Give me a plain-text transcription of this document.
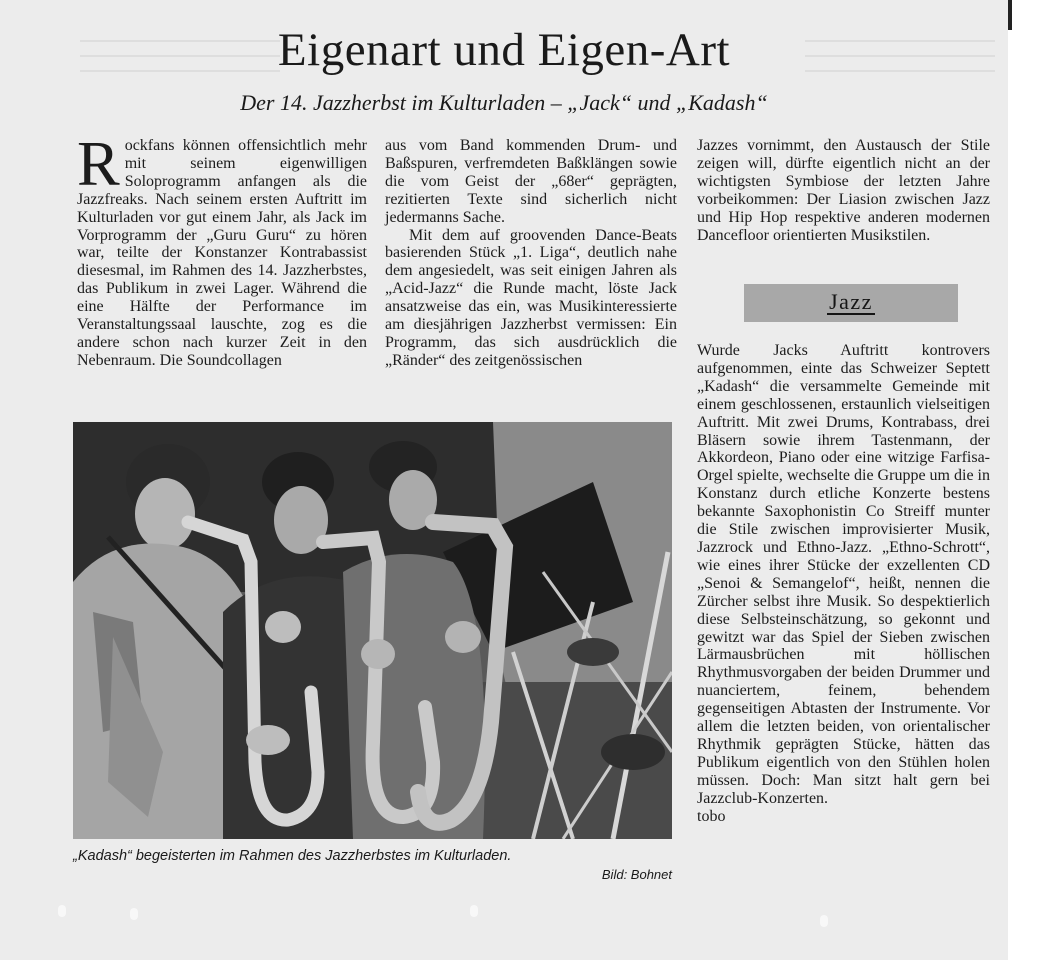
Eigenart und Eigen-Art
Der 14. Jazzherbst im Kulturladen – „Jack“ und „Kadash“

Rockfans können offensichtlich mehr mit seinem eigenwilligen Soloprogramm anfangen als die Jazzfreaks. Nach seinem ersten Auftritt im Kulturladen vor gut einem Jahr, als Jack im Vorprogramm der „Guru Guru“ zu hören war, teilte der Konstanzer Kontrabassist diesesmal, im Rahmen des 14. Jazzherbstes, das Publikum in zwei Lager. Während die eine Hälfte der Performance im Veranstaltungssaal lauschte, zog es die andere schon nach kurzer Zeit in den Nebenraum. Die Soundcollagen

aus vom Band kommenden Drum- und Baßspuren, verfremdeten Baßklängen sowie die vom Geist der „68er“ geprägten, rezitierten Texte sind sicherlich nicht jedermanns Sache.

Mit dem auf groovenden Dance-Beats basierenden Stück „1. Liga“, deutlich nahe dem angesiedelt, was seit einigen Jahren als „Acid-Jazz“ die Runde macht, löste Jack ansatzweise das ein, was Musikinteressierte am diesjährigen Jazzherbst vermissen: Ein Programm, das sich ausdrücklich die „Ränder“ des zeitgenössischen

Jazzes vornimmt, den Austausch der Stile zeigen will, dürfte eigentlich nicht an der wichtigsten Symbiose der letzten Jahre vorbeikommen: Der Liasion zwischen Jazz und Hip Hop respektive anderen modernen Dancefloor orientierten Musikstilen.

Jazz

Wurde Jacks Auftritt kontrovers aufgenommen, einte das Schweizer Septett „Kadash“ die versammelte Gemeinde mit einem geschlossenen, erstaunlich vielseitigen Auftritt. Mit zwei Drums, Kontrabass, drei Bläsern sowie ihrem Tastenmann, der Akkordeon, Piano oder eine witzige Farfisa-Orgel spielte, wechselte die Gruppe um die in Konstanz durch etliche Konzerte bestens bekannte Saxophonistin Co Streiff munter die Stile zwischen improvisierter Musik, Jazzrock und Ethno-Jazz. „Ethno-Schrott“, wie eines ihrer Stücke der exzellenten CD „Senoi & Semangelof“, heißt, nennen die Zürcher selbst ihre Musik. So despektierlich diese Selbsteinschätzung, so gekonnt und gewitzt war das Spiel der Sieben zwischen Lärmausbrüchen mit höllischen Rhythmusvorgaben der beiden Drummer und nuanciertem, feinem, behendem gegenseitigen Abtasten der Instrumente. Vor allem die letzten beiden, von orientalischer Rhythmik geprägten Stücke, hätten das Publikum eigentlich von den Stühlen holen müssen. Doch: Man sitzt halt gern bei Jazzclub-Konzerten.

tobo

„Kadash“ begeisterten im Rahmen des Jazzherbstes im Kulturladen.
Bild: Bohnet
